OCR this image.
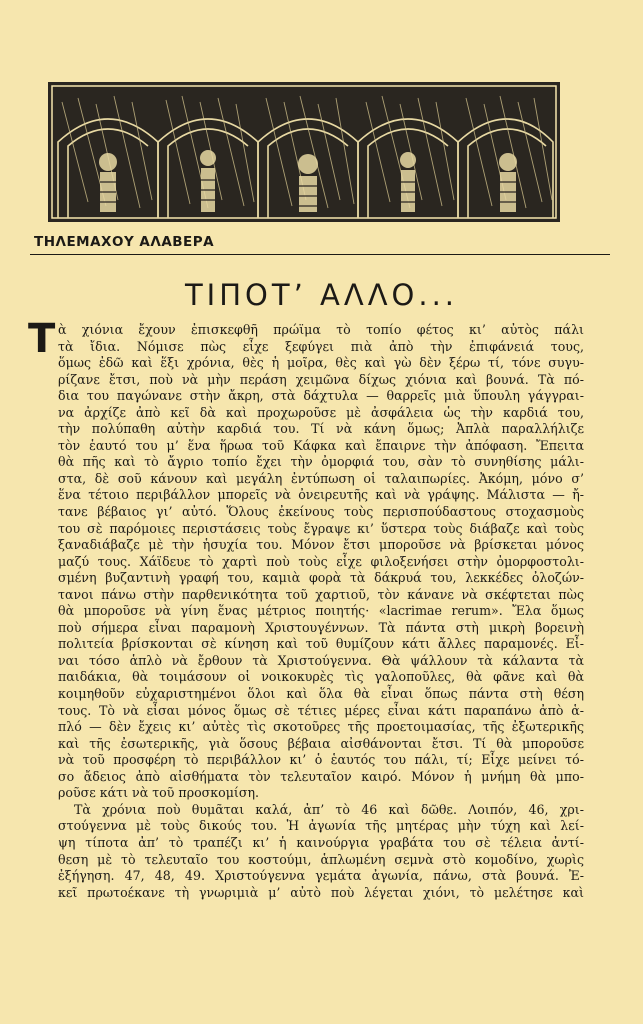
ΤΗΛΕΜΑΧΟΥ ΑΛΑΒΕΡΑ

ΤΙΠΟΤ’ ΑΛΛΟ...

Τ ὰ χιόνια ἔχουν ἐπισκεφθῆ πρώϊμα τὸ τοπίο φέτος κι’ αὐτὸς πάλι
τὰ ἴδια. Νόμισε πὼς εἶχε ξεφύγει πιὰ ἀπὸ τὴν ἐπιφάνειά τους,
ὅμως ἐδῶ καὶ ἕξι χρόνια, θὲς ἡ μοῖρα, θὲς καὶ γὼ δὲν ξέρω τί, τόνε συγυ-
ρίζανε ἔτσι, ποὺ νὰ μὴν περάση χειμῶνα δίχως χιόνια καὶ βουνά. Τὰ πό-
δια του παγώνανε στὴν ἄκρη, στὰ δάχτυλα — θαρρεῖς μιὰ ὕπουλη γάγγραι-
να ἀρχίζε ἀπὸ κεῖ δὰ καὶ προχωροῦσε μὲ ἀσφάλεια ὡς τὴν καρδιά του,
τὴν πολύπαθη αὐτὴν καρδιά του. Τί νὰ κάνη ὅμως; Ἀπλὰ παραλλήλιζε
τὸν ἑαυτό του μ’ ἕνα ἥρωα τοῦ Κάφκα καὶ ἔπαιρνε τὴν ἀπόφαση. Ἔπειτα
θὰ πῆς καὶ τὸ ἄγριο τοπίο ἔχει τὴν ὀμορφιά του, σὰν τὸ συνηθίσης μάλι-
στα, δὲ σοῦ κάνουν καὶ μεγάλη ἐντύπωση οἱ ταλαιπωρίες. Ἀκόμη, μόνο σ’
ἕνα τέτοιο περιβάλλον μπορεῖς νὰ ὀνειρευτῆς καὶ νὰ γράψης. Μάλιστα — ἤ-
τανε βέβαιος γι’ αὐτό. Ὅλους ἐκείνους τοὺς περισπούδαστους στοχασμοὺς
του σὲ παρόμοιες περιστάσεις τοὺς ἔγραψε κι’ ὕστερα τοὺς διάβαζε καὶ τοὺς
ξαναδιάβαζε μὲ τὴν ἡσυχία του. Μόνον ἔτσι μποροῦσε νὰ βρίσκεται μόνος
μαζύ τους. Χάϊδευε τὸ χαρτὶ ποὺ τοὺς εἶχε φιλοξενήσει στὴν ὀμορφοστολι-
σμένη βυζαντινὴ γραφή του, καμιὰ φορὰ τὰ δάκρυά του, λεκκέδες ὀλοζών-
τανοι πάνω στὴν παρθενικότητα τοῦ χαρτιοῦ, τὸν κάνανε νὰ σκέφτεται πὼς
θὰ μποροῦσε νὰ γίνη ἕνας μέτριος ποιητής· «lacrimae rerum». Ἔλα ὅμως
ποὺ σήμερα εἶναι παραμονὴ Χριστουγέννων. Τὰ πάντα στὴ μικρὴ βορεινὴ
πολιτεία βρίσκονται σὲ κίνηση καὶ τοῦ θυμίζουν κάτι ἄλλες παραμονές. Εἶ-
ναι τόσο ἁπλὸ νὰ ἔρθουν τὰ Χριστούγεννα. Θὰ ψάλλουν τὰ κάλαντα τὰ
παιδάκια, θὰ τοιμάσουν οἱ νοικοκυρὲς τὶς γαλοποῦλες, θὰ φᾶνε καὶ θὰ
κοιμηθοῦν εὐχαριστημένοι ὅλοι καὶ ὅλα θὰ εἶναι ὅπως πάντα στὴ θέση
τους. Τὸ νὰ εἶσαι μόνος ὅμως σὲ τέτιες μέρες εἶναι κάτι παραπάνω ἀπὸ ἁ-
πλό — δὲν ἔχεις κι’ αὐτὲς τὶς σκοτοῦρες τῆς προετοιμασίας, τῆς ἐξωτερικῆς
καὶ τῆς ἐσωτερικῆς, γιὰ ὅσους βέβαια αἰσθάνονται ἔτσι. Τί θὰ μποροῦσε
νὰ τοῦ προσφέρη τὸ περιβάλλον κι’ ὁ ἑαυτός του πάλι, τί; Εἶχε μείνει τό-
σο ἄδειος ἀπὸ αἰσθήματα τὸν τελευταῖον καιρό. Μόνον ἡ μνήμη θὰ μπο-
ροῦσε κάτι νὰ τοῦ προσκομίση.

Τὰ χρόνια ποὺ θυμᾶται καλά, ἀπ’ τὸ 46 καὶ δῶθε. Λοιπόν, 46, χρι-
στούγεννα μὲ τοὺς δικούς του. Ἡ ἀγωνία τῆς μητέρας μὴν τύχη καὶ λεί-
ψη τίποτα ἀπ’ τὸ τραπέζι κι’ ἡ καινούργια γραβάτα του σὲ τέλεια ἀντί-
θεση μὲ τὸ τελευταῖο του κοστούμι, ἁπλωμένη σεμνὰ στὸ κομοδίνο, χωρὶς
ἐξήγηση. 47, 48, 49. Χριστούγεννα γεμάτα ἀγωνία, πάνω, στὰ βουνά. Ἐ-
κεῖ πρωτοέκανε τὴ γνωριμιὰ μ’ αὐτὸ ποὺ λέγεται χιόνι, τὸ μελέτησε καὶ
